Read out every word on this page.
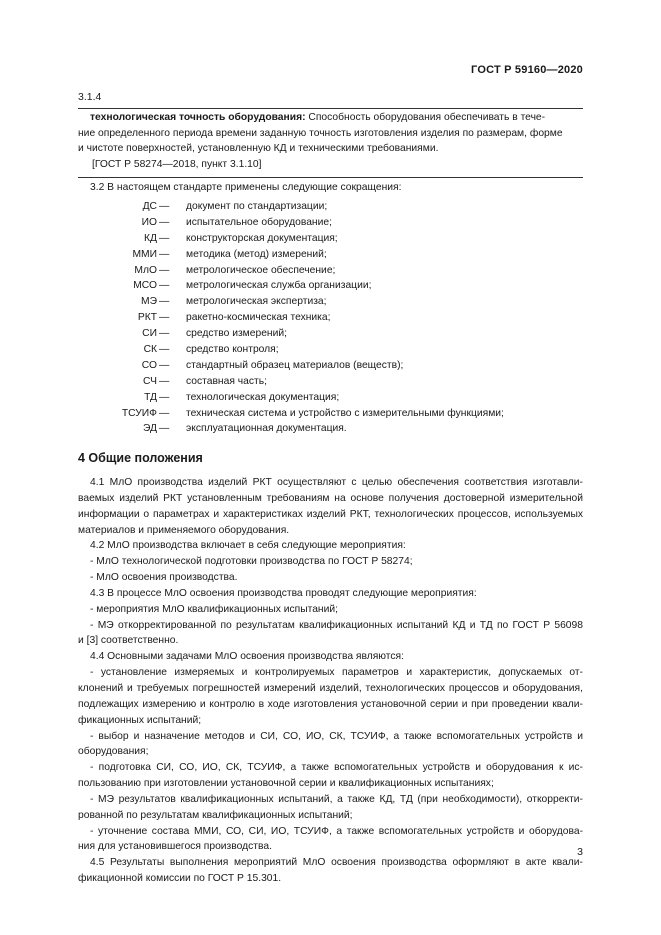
ГОСТ Р 59160—2020
3.1.4

технологическая точность оборудования: Способность оборудования обеспечивать в тече-
ние определенного периода времени заданную точность изготовления изделия по размерам, форме
и чистоте поверхностей, установленную КД и техническими требованиями.

[ГОСТ Р 58274—2018, пункт 3.1.10]

3.2 В настоящем стандарте применены следующие сокращения:
ДС — документ по стандартизации;
ИО — испытательное оборудование;
КД — конструкторская документация;
ММИ — методика (метод) измерений;
МлО — метрологическое обеспечение;
МСО — метрологическая служба организации;
МЭ — метрологическая экспертиза;
РКТ — ракетно-космическая техника;
СИ — средство измерений;
СК — средство контроля;
СО — стандартный образец материалов (веществ);
СЧ — составная часть;
ТД — технологическая документация;
ТСУИФ — техническая система и устройство с измерительными функциями;
ЭД — эксплуатационная документация.
4 Общие положения

4.1 МлО производства изделий РКТ осуществляют с целью обеспечения соответствия изготавли-

ваемых изделий РКТ установленным требованиям на основе получения достоверной измерительной

информации о параметрах и характеристиках изделий РКТ, технологических процессов, используемых

материалов и применяемого оборудования.

4.2 МлО производства включает в себя следующие мероприятия:

- МлО технологической подготовки производства по ГОСТ Р 58274;

- МлО освоения производства.

4.3 В процессе МлО освоения производства проводят следующие мероприятия:

- мероприятия МлО квалификационных испытаний;

- МЭ откорректированной по результатам квалификационных испытаний КД и ТД по ГОСТ Р 56098

и [3] соответственно.

4.4 Основными задачами МлО освоения производства являются:

- установление измеряемых и контролируемых параметров и характеристик, допускаемых от-

клонений и требуемых погрешностей измерений изделий, технологических процессов и оборудования,

подлежащих измерению и контролю в ходе изготовления установочной серии и при проведении квали-

фикационных испытаний;

- выбор и назначение методов и СИ, СО, ИО, СК, ТСУИФ, а также вспомогательных устройств и

оборудования;

- подготовка СИ, СО, ИО, СК, ТСУИФ, а также вспомогательных устройств и оборудования к ис-

пользованию при изготовлении установочной серии и квалификационных испытаниях;

- МЭ результатов квалификационных испытаний, а также КД, ТД (при необходимости), откорректи-

рованной по результатам квалификационных испытаний;

- уточнение состава ММИ, СО, СИ, ИО, ТСУИФ, а также вспомогательных устройств и оборудова-

ния для установившегося производства.

4.5 Результаты выполнения мероприятий МлО освоения производства оформляют в акте квали-

фикационной комиссии по ГОСТ Р 15.301.

3
